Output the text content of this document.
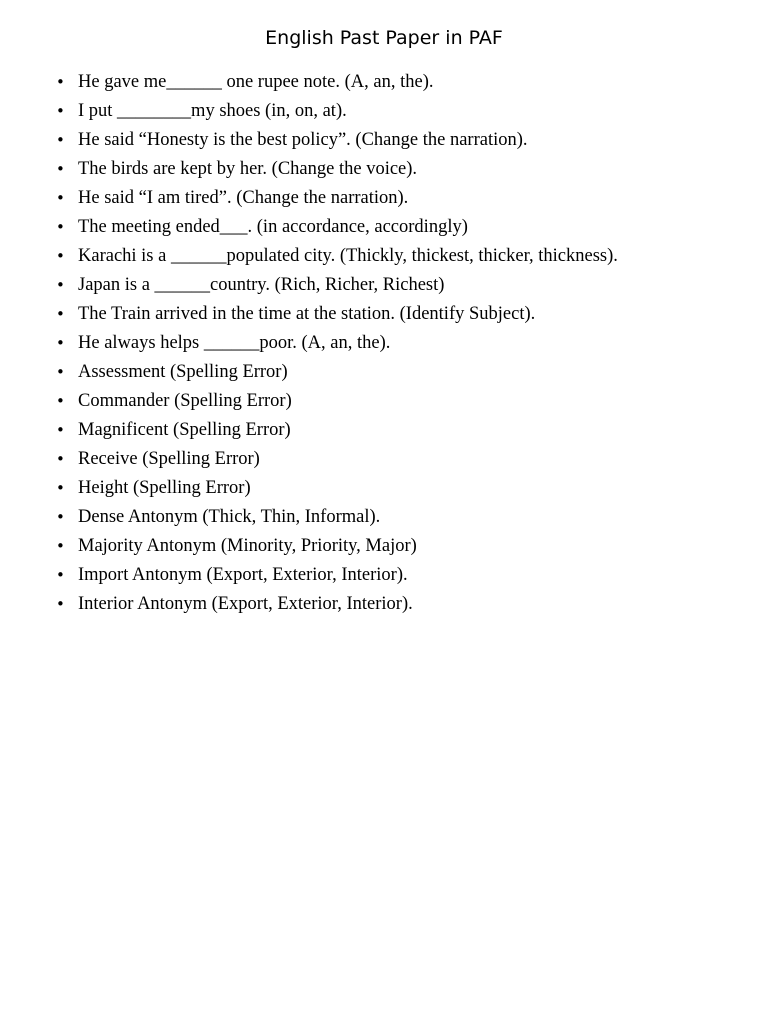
English Past Paper in PAF
• He gave me______ one rupee note. (A, an, the).
• I put ________my shoes (in, on, at).
• He said “Honesty is the best policy”. (Change the narration).
• The birds are kept by her. (Change the voice).
• He said “I am tired”. (Change the narration).
• The meeting ended___. (in accordance, accordingly)
• Karachi is a ______populated city. (Thickly, thickest, thicker, thickness).
• Japan is a ______country. (Rich, Richer, Richest)
• The Train arrived in the time at the station. (Identify Subject).
• He always helps ______poor. (A, an, the).
• Assessment (Spelling Error)
• Commander (Spelling Error)
• Magnificent (Spelling Error)
• Receive (Spelling Error)
• Height (Spelling Error)
• Dense Antonym (Thick, Thin, Informal).
• Majority Antonym (Minority, Priority, Major)
• Import Antonym (Export, Exterior, Interior).
• Interior Antonym (Export, Exterior, Interior).
